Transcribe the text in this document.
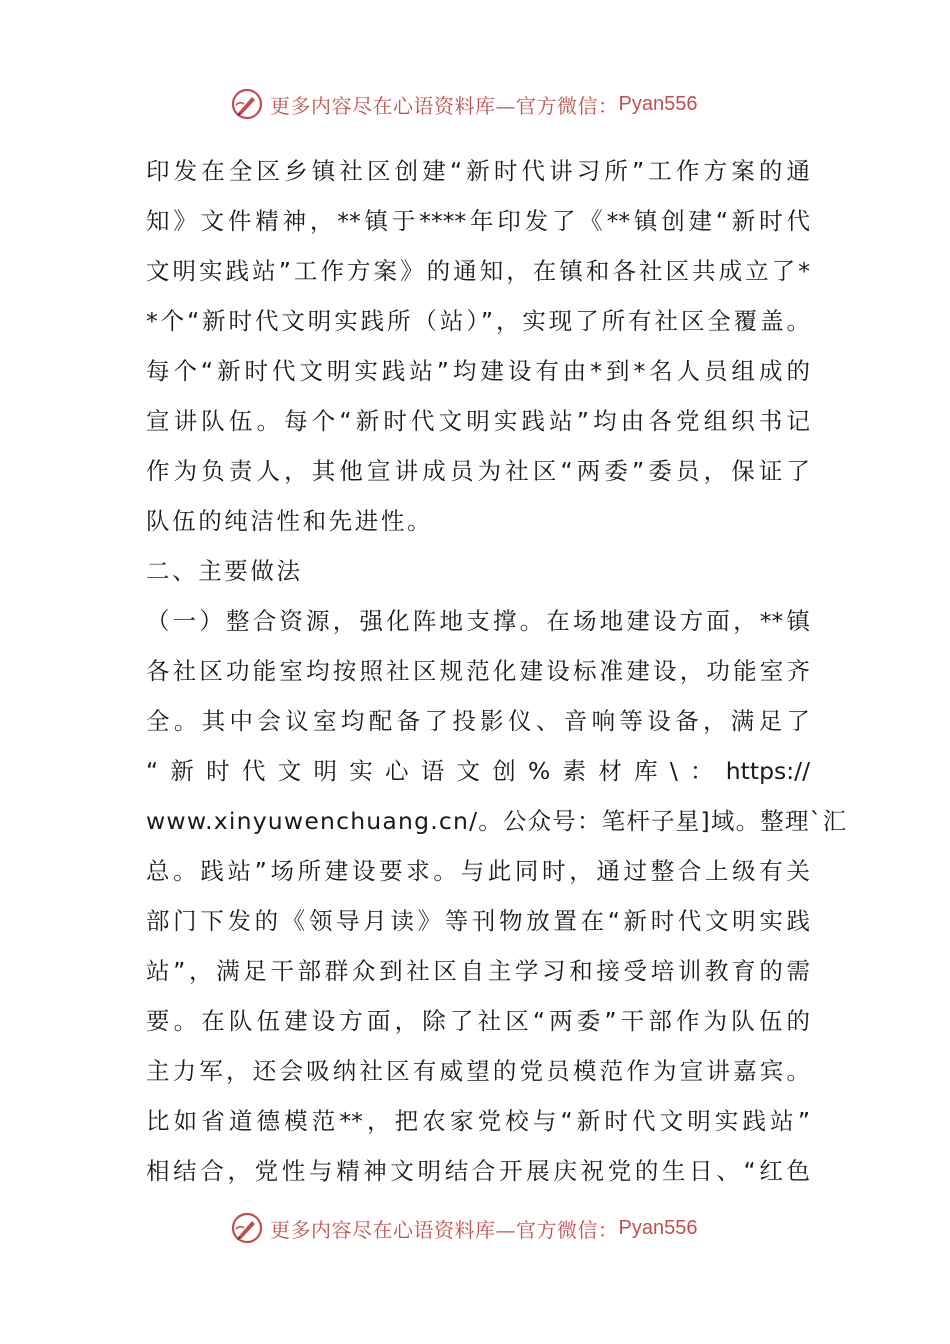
更多内容尽在心语资料库—官方微信： Pyan556
印发在全区乡镇社区创建“新时代讲习所”工作方案的通
知》文件精神，**镇于****年印发了《**镇创建“新时代
文明实践站”工作方案》的通知，在镇和各社区共成立了*
*个“新时代文明实践所（站）”，实现了所有社区全覆盖。
每个“新时代文明实践站”均建设有由*到*名人员组成的
宣讲队伍。每个“新时代文明实践站”均由各党组织书记
作为负责人，其他宣讲成员为社区“两委”委员，保证了
队伍的纯洁性和先进性。
二、主要做法
（一）整合资源，强化阵地支撑。在场地建设方面，**镇
各社区功能室均按照社区规范化建设标准建设，功能室齐
全。其中会议室均配备了投影仪、音响等设备，满足了
“新时代文明实心语文创%素材库\：https://
www.xinyuwenchuang.cn/。公众号：笔杆子星]域。整理`汇
总。践站”场所建设要求。与此同时，通过整合上级有关
部门下发的《领导月读》等刊物放置在“新时代文明实践
站”，满足干部群众到社区自主学习和接受培训教育的需
要。在队伍建设方面，除了社区“两委”干部作为队伍的
主力军，还会吸纳社区有威望的党员模范作为宣讲嘉宾。
比如省道德模范**，把农家党校与“新时代文明实践站”
相结合，党性与精神文明结合开展庆祝党的生日、“红色
更多内容尽在心语资料库—官方微信： Pyan556
